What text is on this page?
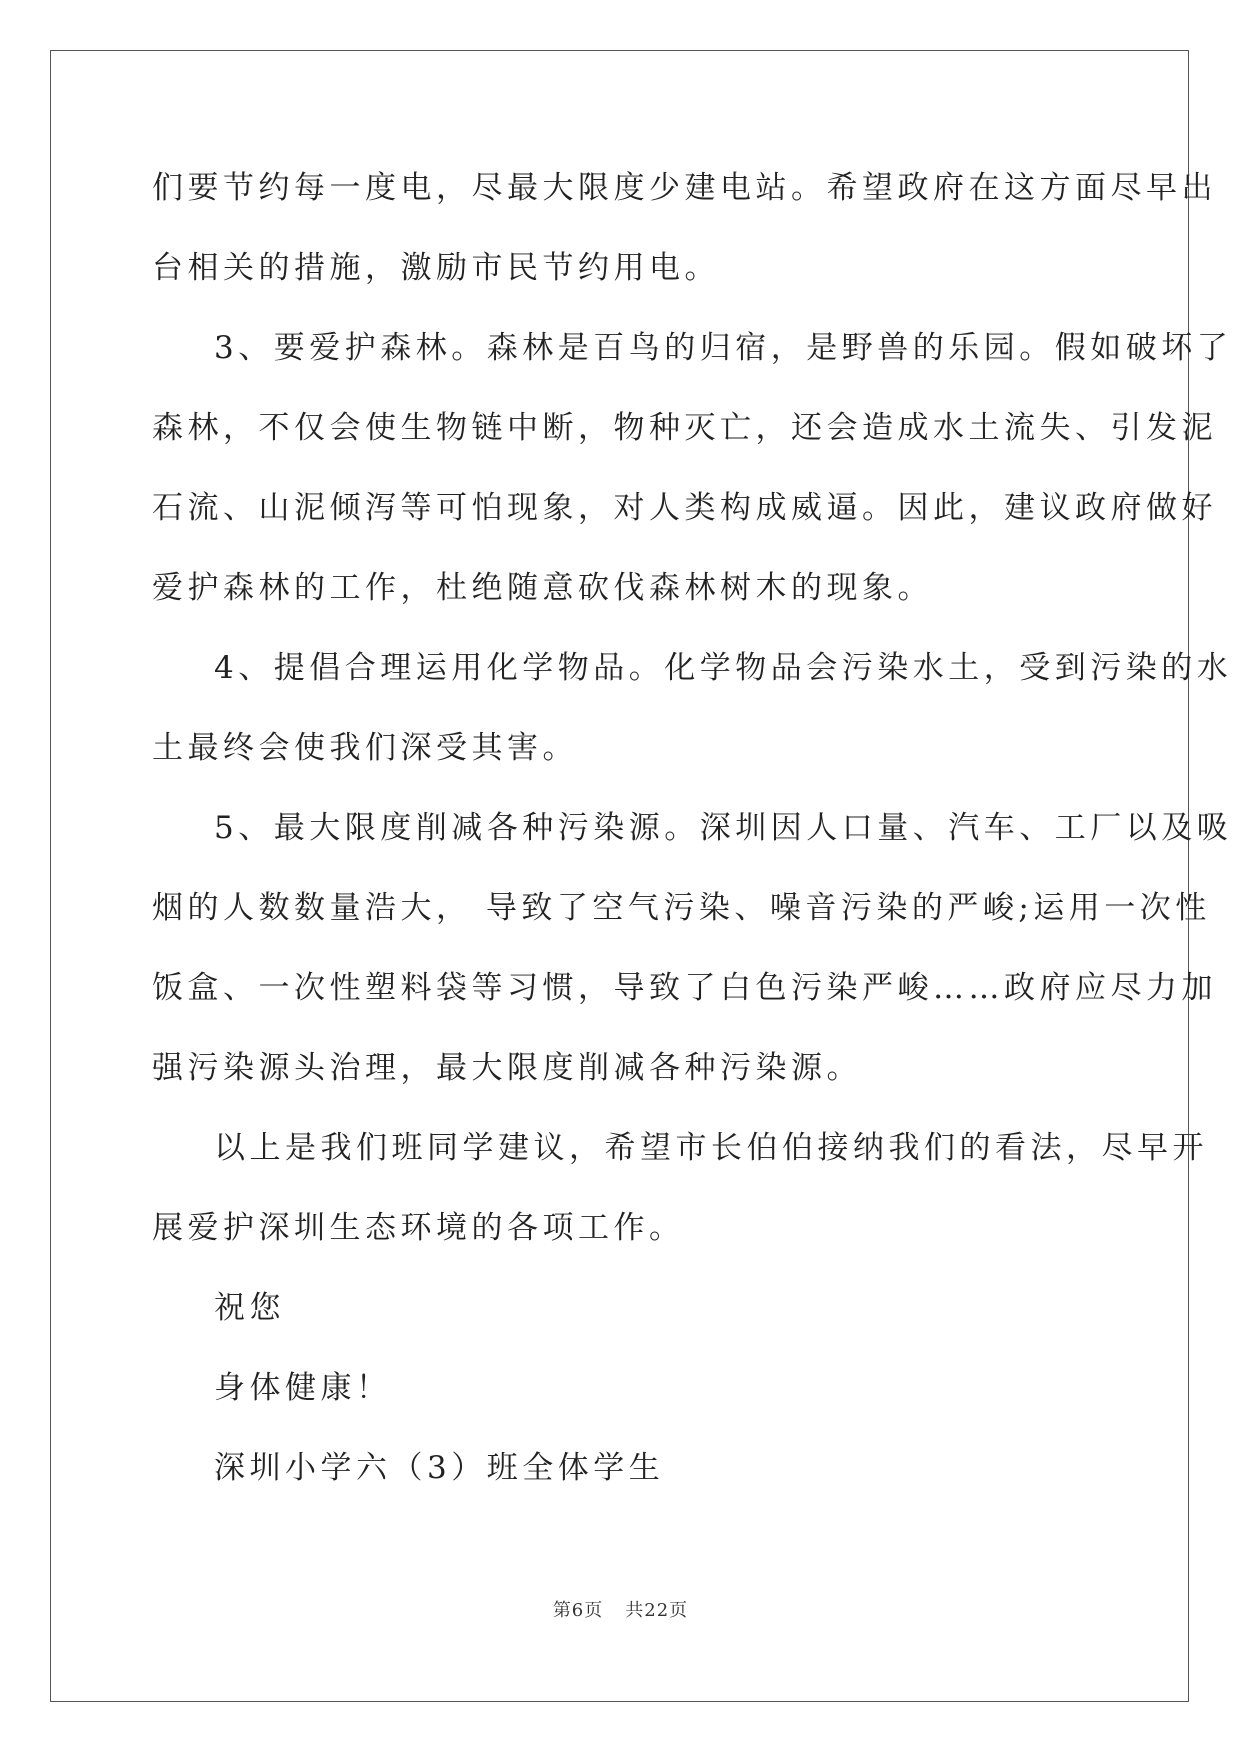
们要节约每一度电，尽最大限度少建电站。希望政府在这方面尽早出

台相关的措施，激励市民节约用电。

3、要爱护森林。森林是百鸟的归宿，是野兽的乐园。假如破坏了

森林，不仅会使生物链中断，物种灭亡，还会造成水土流失、引发泥

石流、山泥倾泻等可怕现象，对人类构成威逼。因此，建议政府做好

爱护森林的工作，杜绝随意砍伐森林树木的现象。

4、提倡合理运用化学物品。化学物品会污染水土，受到污染的水

土最终会使我们深受其害。

5、最大限度削减各种污染源。深圳因人口量、汽车、工厂以及吸

烟的人数数量浩大， 导致了空气污染、噪音污染的严峻;运用一次性

饭盒、一次性塑料袋等习惯，导致了白色污染严峻……政府应尽力加

强污染源头治理，最大限度削减各种污染源。

以上是我们班同学建议，希望市长伯伯接纳我们的看法，尽早开

展爱护深圳生态环境的各项工作。

祝您

身体健康！

深圳小学六（3）班全体学生

第6页 共22页
